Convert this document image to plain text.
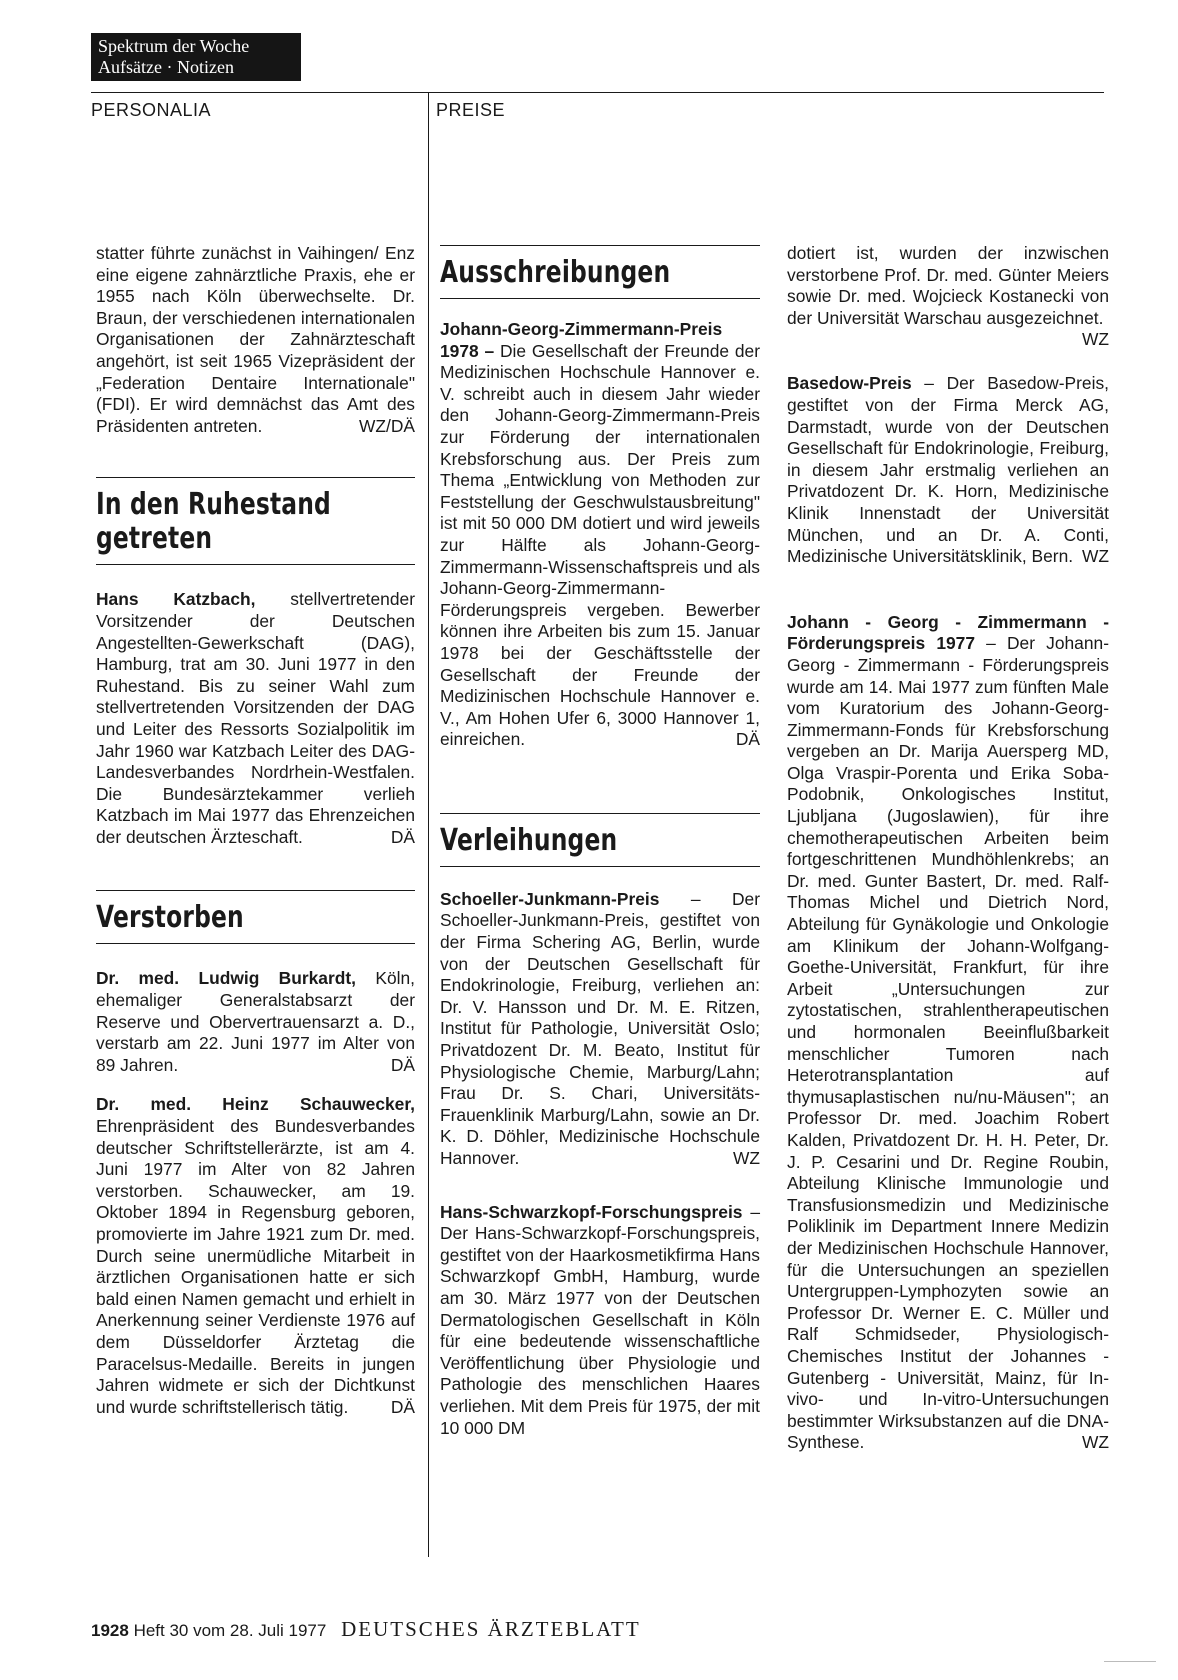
Spektrum der Woche
Aufsätze · Notizen
PERSONALIA	PREISE

statter führte zunächst in Vaihingen/ Enz eine eigene zahnärztliche Praxis, ehe er 1955 nach Köln überwechselte. Dr. Braun, der verschiedenen internationalen Organisationen der Zahnärzteschaft angehört, ist seit 1965 Vizepräsident der „Federation Dentaire Internationale" (FDI). Er wird demnächst das Amt des Präsidenten antreten.	WZ/DÄ

In den Ruhestand
getreten

Hans Katzbach, stellvertretender Vorsitzender der Deutschen Angestellten-Gewerkschaft (DAG), Hamburg, trat am 30. Juni 1977 in den Ruhestand. Bis zu seiner Wahl zum stellvertretenden Vorsitzenden der DAG und Leiter des Ressorts Sozialpolitik im Jahr 1960 war Katzbach Leiter des DAG-Landesverbandes Nordrhein-Westfalen. Die Bundesärztekammer verlieh Katzbach im Mai 1977 das Ehrenzeichen der deutschen Ärzteschaft.	DÄ

Verstorben

Dr. med. Ludwig Burkardt, Köln, ehemaliger Generalstabsarzt der Reserve und Obervertrauensarzt a. D., verstarb am 22. Juni 1977 im Alter von 89 Jahren.	DÄ

Dr. med. Heinz Schauwecker, Ehrenpräsident des Bundesverbandes deutscher Schriftstellerärzte, ist am 4. Juni 1977 im Alter von 82 Jahren verstorben. Schauwecker, am 19. Oktober 1894 in Regensburg geboren, promovierte im Jahre 1921 zum Dr. med. Durch seine unermüdliche Mitarbeit in ärztlichen Organisationen hatte er sich bald einen Namen gemacht und erhielt in Anerkennung seiner Verdienste 1976 auf dem Düsseldorfer Ärztetag die Paracelsus-Medaille. Bereits in jungen Jahren widmete er sich der Dichtkunst und wurde schriftstellerisch tätig. DÄ

Ausschreibungen

Johann-Georg-Zimmermann-Preis 1978 – Die Gesellschaft der Freunde der Medizinischen Hochschule Hannover e. V. schreibt auch in diesem Jahr wieder den Johann-Georg-Zimmermann-Preis zur Förderung der internationalen Krebsforschung aus. Der Preis zum Thema „Entwicklung von Methoden zur Feststellung der Geschwulstausbreitung" ist mit 50 000 DM dotiert und wird jeweils zur Hälfte als Johann-Georg-Zimmermann-Wissenschaftspreis und als Johann-Georg-Zimmermann-Förderungspreis vergeben. Bewerber können ihre Arbeiten bis zum 15. Januar 1978 bei der Geschäftsstelle der Gesellschaft der Freunde der Medizinischen Hochschule Hannover e. V., Am Hohen Ufer 6, 3000 Hannover 1, einreichen.	DÄ

Verleihungen

Schoeller-Junkmann-Preis – Der Schoeller-Junkmann-Preis, gestiftet von der Firma Schering AG, Berlin, wurde von der Deutschen Gesellschaft für Endokrinologie, Freiburg, verliehen an: Dr. V. Hansson und Dr. M. E. Ritzen, Institut für Pathologie, Universität Oslo; Privatdozent Dr. M. Beato, Institut für Physiologische Chemie, Marburg/Lahn; Frau Dr. S. Chari, Universitäts-Frauenklinik Marburg/Lahn, sowie an Dr. K. D. Döhler, Medizinische Hochschule Hannover.	WZ

Hans-Schwarzkopf-Forschungspreis – Der Hans-Schwarzkopf-Forschungspreis, gestiftet von der Haarkosmetikfirma Hans Schwarzkopf GmbH, Hamburg, wurde am 30. März 1977 von der Deutschen Dermatologischen Gesellschaft in Köln für eine bedeutende wissenschaftliche Veröffentlichung über Physiologie und Pathologie des menschlichen Haares verliehen. Mit dem Preis für 1975, der mit 10 000 DM

dotiert ist, wurden der inzwischen verstorbene Prof. Dr. med. Günter Meiers sowie Dr. med. Wojcieck Kostanecki von der Universität Warschau ausgezeichnet.
WZ

Basedow-Preis – Der Basedow-Preis, gestiftet von der Firma Merck AG, Darmstadt, wurde von der Deutschen Gesellschaft für Endokrinologie, Freiburg, in diesem Jahr erstmalig verliehen an Privatdozent Dr. K. Horn, Medizinische Klinik Innenstadt der Universität München, und an Dr. A. Conti, Medizinische Universitätsklinik, Bern. WZ

Johann - Georg - Zimmermann - Förderungspreis 1977 – Der Johann-Georg - Zimmermann - Förderungspreis wurde am 14. Mai 1977 zum fünften Male vom Kuratorium des Johann-Georg-Zimmermann-Fonds für Krebsforschung vergeben an Dr. Marija Auersperg MD, Olga Vraspir-Porenta und Erika Soba-Podobnik, Onkologisches Institut, Ljubljana (Jugoslawien), für ihre chemotherapeutischen Arbeiten beim fortgeschrittenen Mundhöhlenkrebs; an Dr. med. Gunter Bastert, Dr. med. Ralf-Thomas Michel und Dietrich Nord, Abteilung für Gynäkologie und Onkologie am Klinikum der Johann-Wolfgang-Goethe-Universität, Frankfurt, für ihre Arbeit „Untersuchungen zur zytostatischen, strahlentherapeutischen und hormonalen Beeinflußbarkeit menschlicher Tumoren nach Heterotransplantation auf thymusaplastischen nu/nu-Mäusen"; an Professor Dr. med. Joachim Robert Kalden, Privatdozent Dr. H. H. Peter, Dr. J. P. Cesarini und Dr. Regine Roubin, Abteilung Klinische Immunologie und Transfusionsmedizin und Medizinische Poliklinik im Department Innere Medizin der Medizinischen Hochschule Hannover, für die Untersuchungen an speziellen Untergruppen-Lymphozyten sowie an Professor Dr. Werner E. C. Müller und Ralf Schmidseder, Physiologisch-Chemisches Institut der Johannes - Gutenberg - Universität, Mainz, für In-vivo- und In-vitro-Untersuchungen bestimmter Wirksubstanzen auf die DNA-Synthese.	WZ

1928 Heft 30 vom 28. Juli 1977 DEUTSCHES ÄRZTEBLATT
